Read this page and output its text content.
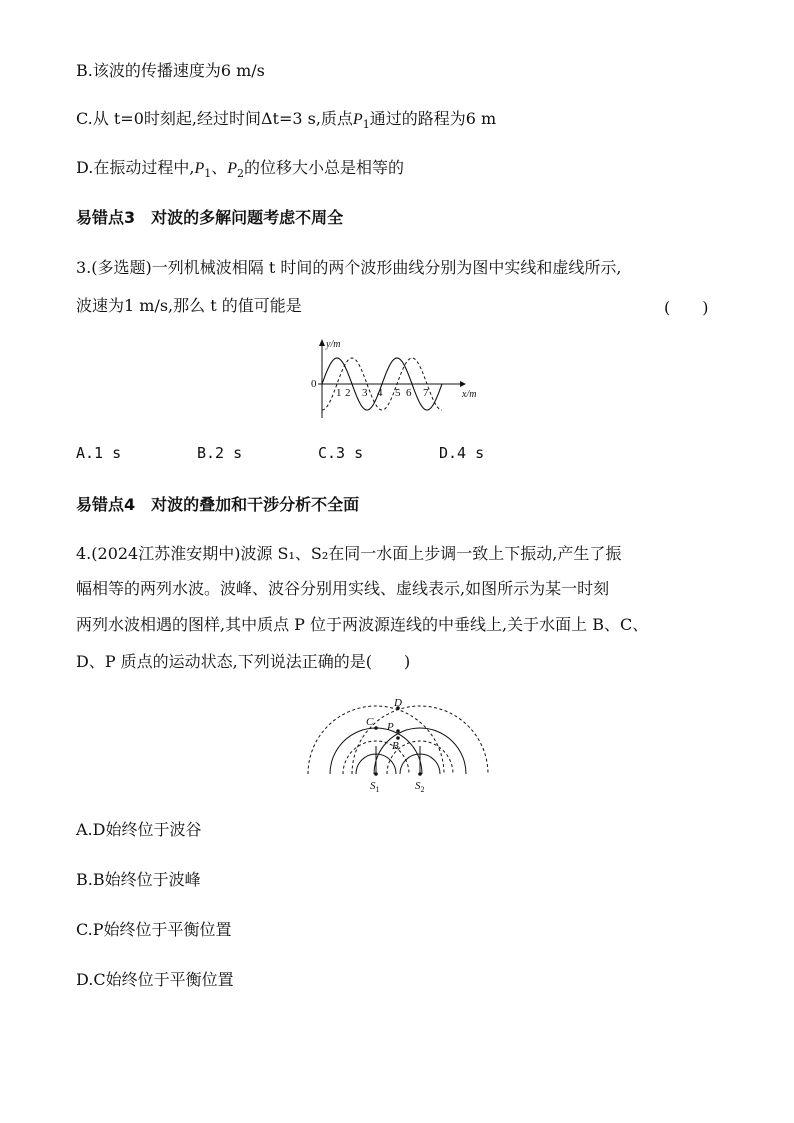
B.该波的传播速度为6 m/s
C.从 t=0时刻起,经过时间Δt=3 s,质点$P_1$通过的路程为6 m
D.在振动过程中$,P_1$、$P_2$的位移大小总是相等的
易错点3　对波的多解问题考虑不周全
3.(多选题)一列机械波相隔 t 时间的两个波形曲线分别为图中实线和虚线所示,
波速为1 m/s,那么 t 的值可能是	(　　)
y/m
x/m
0
1 2 3 4 5 6 7
A.1 s	B.2 s	C.3 s	D.4 s
易错点4　对波的叠加和干涉分析不全面
4.(2024江苏淮安期中)波源 S₁、S₂在同一水面上步调一致上下振动,产生了振
幅相等的两列水波。波峰、波谷分别用实线、虚线表示,如图所示为某一时刻
两列水波相遇的图样,其中质点 P 位于两波源连线的中垂线上,关于水面上 B、C、
D、P 质点的运动状态,下列说法正确的是(　　)
D
C P
B
$S_1$	$S_2$
A.D始终位于波谷
B.B始终位于波峰
C.P始终位于平衡位置
D.C始终位于平衡位置
